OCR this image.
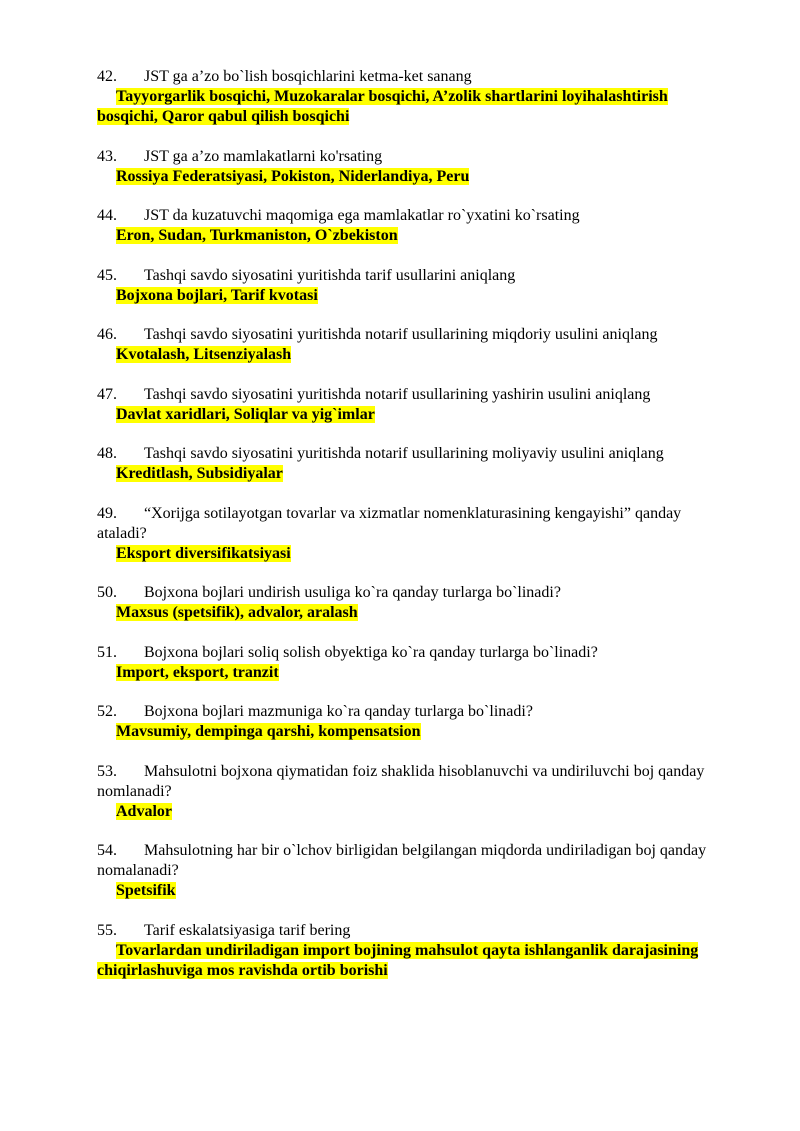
42. JST ga a’zo bo`lish bosqichlarini ketma-ket sanang
Tayyorgarlik bosqichi, Muzokaralar bosqichi, A’zolik shartlarini loyihalashtirish bosqichi, Qaror qabul qilish bosqichi
43. JST ga a’zo mamlakatlarni ko'rsating
Rossiya Federatsiyasi, Pokiston, Niderlandiya, Peru
44. JST da kuzatuvchi maqomiga ega mamlakatlar ro`yxatini ko`rsating
Eron, Sudan, Turkmaniston, O`zbekiston
45. Tashqi savdo siyosatini yuritishda tarif usullarini aniqlang
Bojxona bojlari, Tarif kvotasi
46. Tashqi savdo siyosatini yuritishda notarif usullarining miqdoriy usulini aniqlang
Kvotalash, Litsenziyalash
47. Tashqi savdo siyosatini yuritishda notarif usullarining yashirin usulini aniqlang
Davlat xaridlari, Soliqlar va yig`imlar
48. Tashqi savdo siyosatini yuritishda notarif usullarining moliyaviy usulini aniqlang
Kreditlash, Subsidiyalar
49. “Xorijga sotilayotgan tovarlar va xizmatlar nomenklaturasining kengayishi” qanday ataladi?
Eksport diversifikatsiyasi
50. Bojxona bojlari undirish usuliga ko`ra qanday turlarga bo`linadi?
Maxsus (spetsifik), advalor, aralash
51. Bojxona bojlari soliq solish obyektiga ko`ra qanday turlarga bo`linadi?
Import, eksport, tranzit
52. Bojxona bojlari mazmuniga ko`ra qanday turlarga bo`linadi?
Mavsumiy, dempinga qarshi, kompensatsion
53. Mahsulotni bojxona qiymatidan foiz shaklida hisoblanuvchi va undiriluvchi boj qanday nomlanadi?
Advalor
54. Mahsulotning har bir o`lchov birligidan belgilangan miqdorda undiriladigan boj qanday nomalanadi?
Spetsifik
55. Tarif eskalatsiyasiga tarif bering
Tovarlardan undiriladigan import bojining mahsulot qayta ishlanganlik darajasining chiqirlashuviga mos ravishda ortib borishi
